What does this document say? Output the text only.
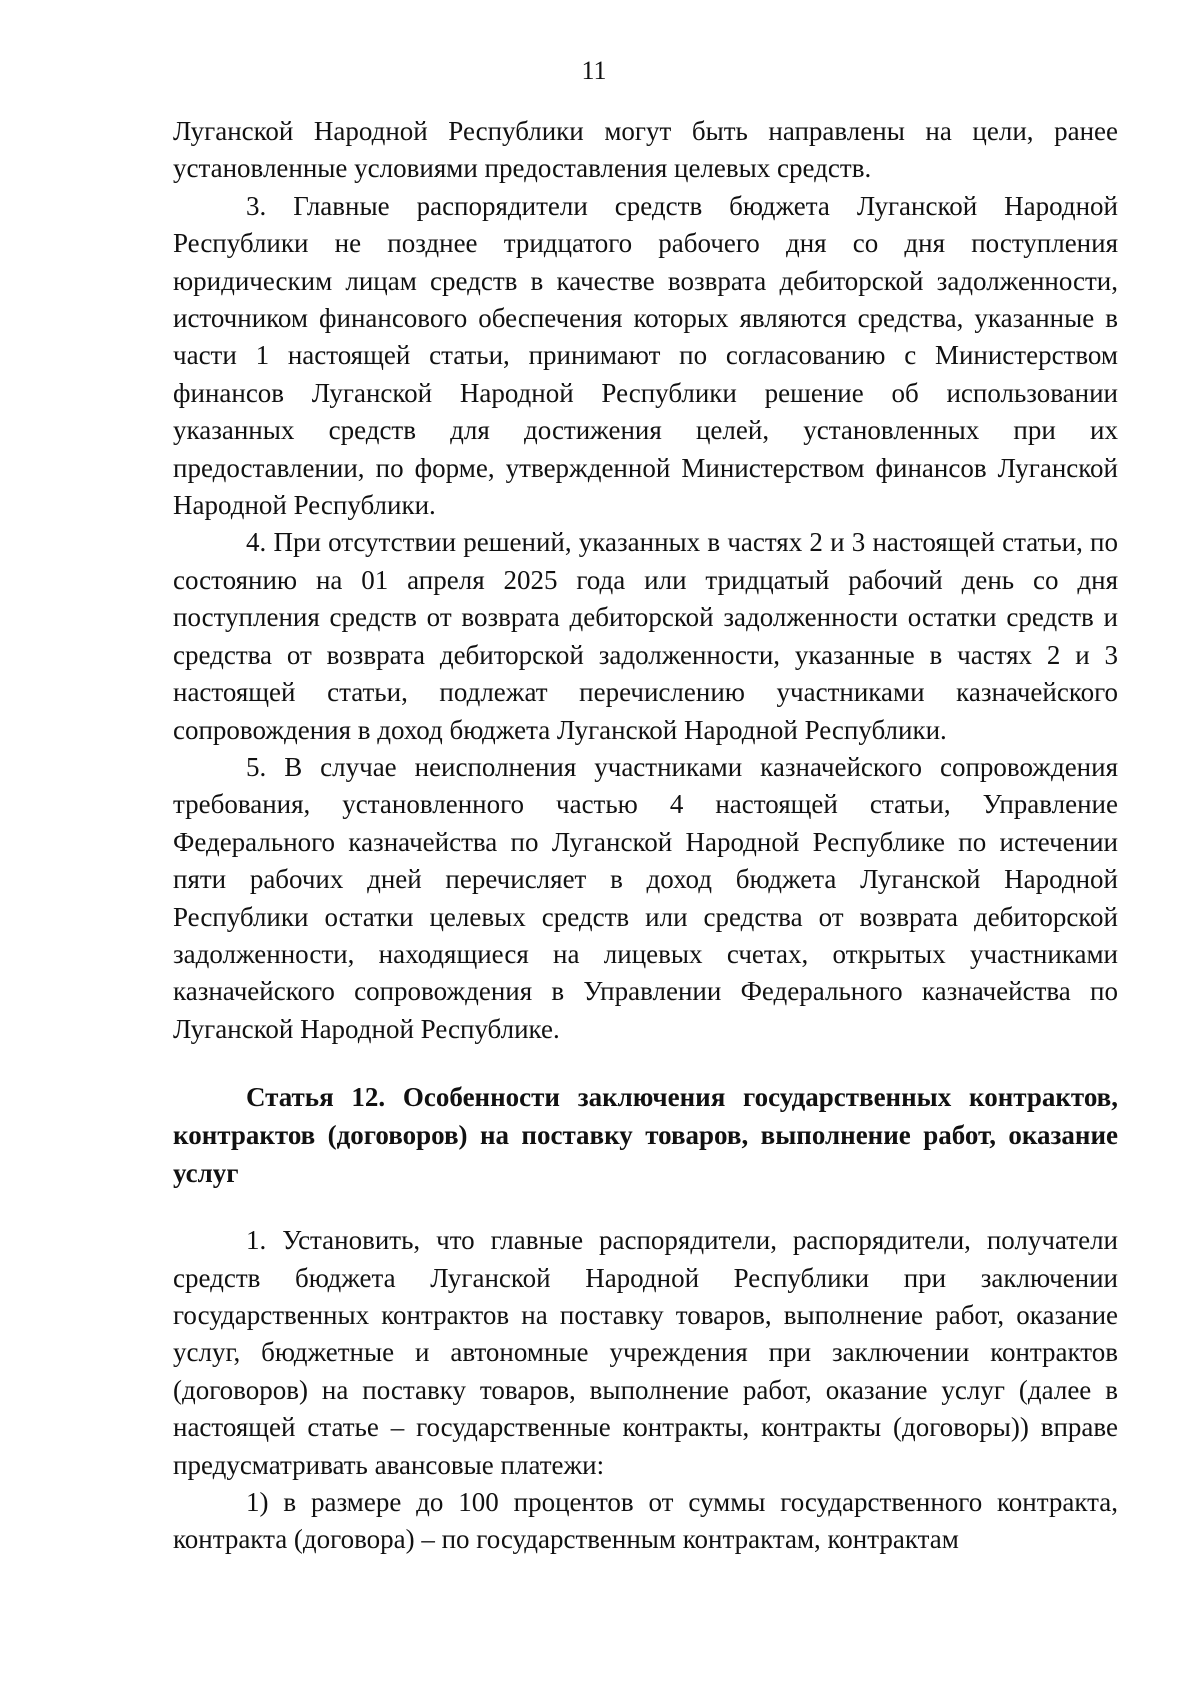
11

Луганской Народной Республики могут быть направлены на цели, ранее установленные условиями предоставления целевых средств.

3. Главные распорядители средств бюджета Луганской Народной Республики не позднее тридцатого рабочего дня со дня поступления юридическим лицам средств в качестве возврата дебиторской задолженности, источником финансового обеспечения которых являются средства, указанные в части 1 настоящей статьи, принимают по согласованию с Министерством финансов Луганской Народной Республики решение об использовании указанных средств для достижения целей, установленных при их предоставлении, по форме, утвержденной Министерством финансов Луганской Народной Республики.

4. При отсутствии решений, указанных в частях 2 и 3 настоящей статьи, по состоянию на 01 апреля 2025 года или тридцатый рабочий день со дня поступления средств от возврата дебиторской задолженности остатки средств и средства от возврата дебиторской задолженности, указанные в частях 2 и 3 настоящей статьи, подлежат перечислению участниками казначейского сопровождения в доход бюджета Луганской Народной Республики.

5. В случае неисполнения участниками казначейского сопровождения требования, установленного частью 4 настоящей статьи, Управление Федерального казначейства по Луганской Народной Республике по истечении пяти рабочих дней перечисляет в доход бюджета Луганской Народной Республики остатки целевых средств или средства от возврата дебиторской задолженности, находящиеся на лицевых счетах, открытых участниками казначейского сопровождения в Управлении Федерального казначейства по Луганской Народной Республике.

Статья 12. Особенности заключения государственных контрактов, контрактов (договоров) на поставку товаров, выполнение работ, оказание услуг

1. Установить, что главные распорядители, распорядители, получатели средств бюджета Луганской Народной Республики при заключении государственных контрактов на поставку товаров, выполнение работ, оказание услуг, бюджетные и автономные учреждения при заключении контрактов (договоров) на поставку товаров, выполнение работ, оказание услуг (далее в настоящей статье – государственные контракты, контракты (договоры)) вправе предусматривать авансовые платежи:

1) в размере до 100 процентов от суммы государственного контракта, контракта (договора) – по государственным контрактам, контрактам
